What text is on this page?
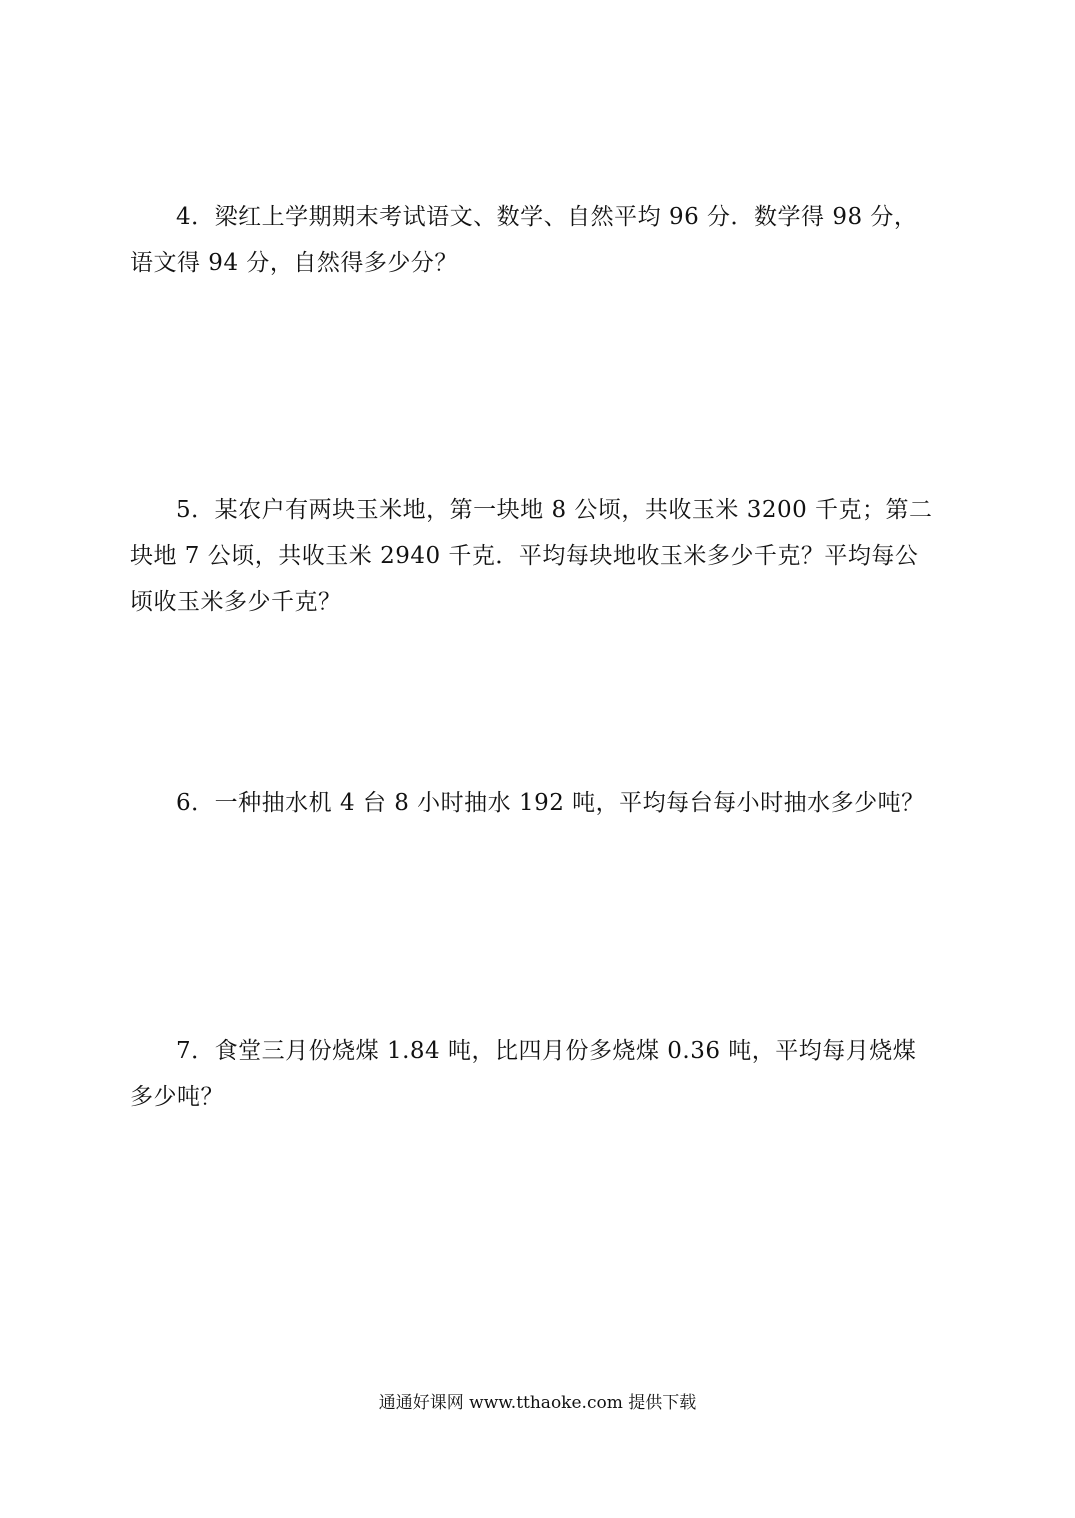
4．梁红上学期期末考试语文、数学、自然平均 96 分．数学得 98 分，
语文得 94 分，自然得多少分？
5．某农户有两块玉米地，第一块地 8 公顷，共收玉米 3200 千克；第二
块地 7 公顷，共收玉米 2940 千克．平均每块地收玉米多少千克？平均每公
顷收玉米多少千克？
6．一种抽水机 4 台 8 小时抽水 192 吨，平均每台每小时抽水多少吨？
7．食堂三月份烧煤 1.84 吨，比四月份多烧煤 0.36 吨，平均每月烧煤
多少吨？
通通好课网 www.tthaoke.com 提供下载
